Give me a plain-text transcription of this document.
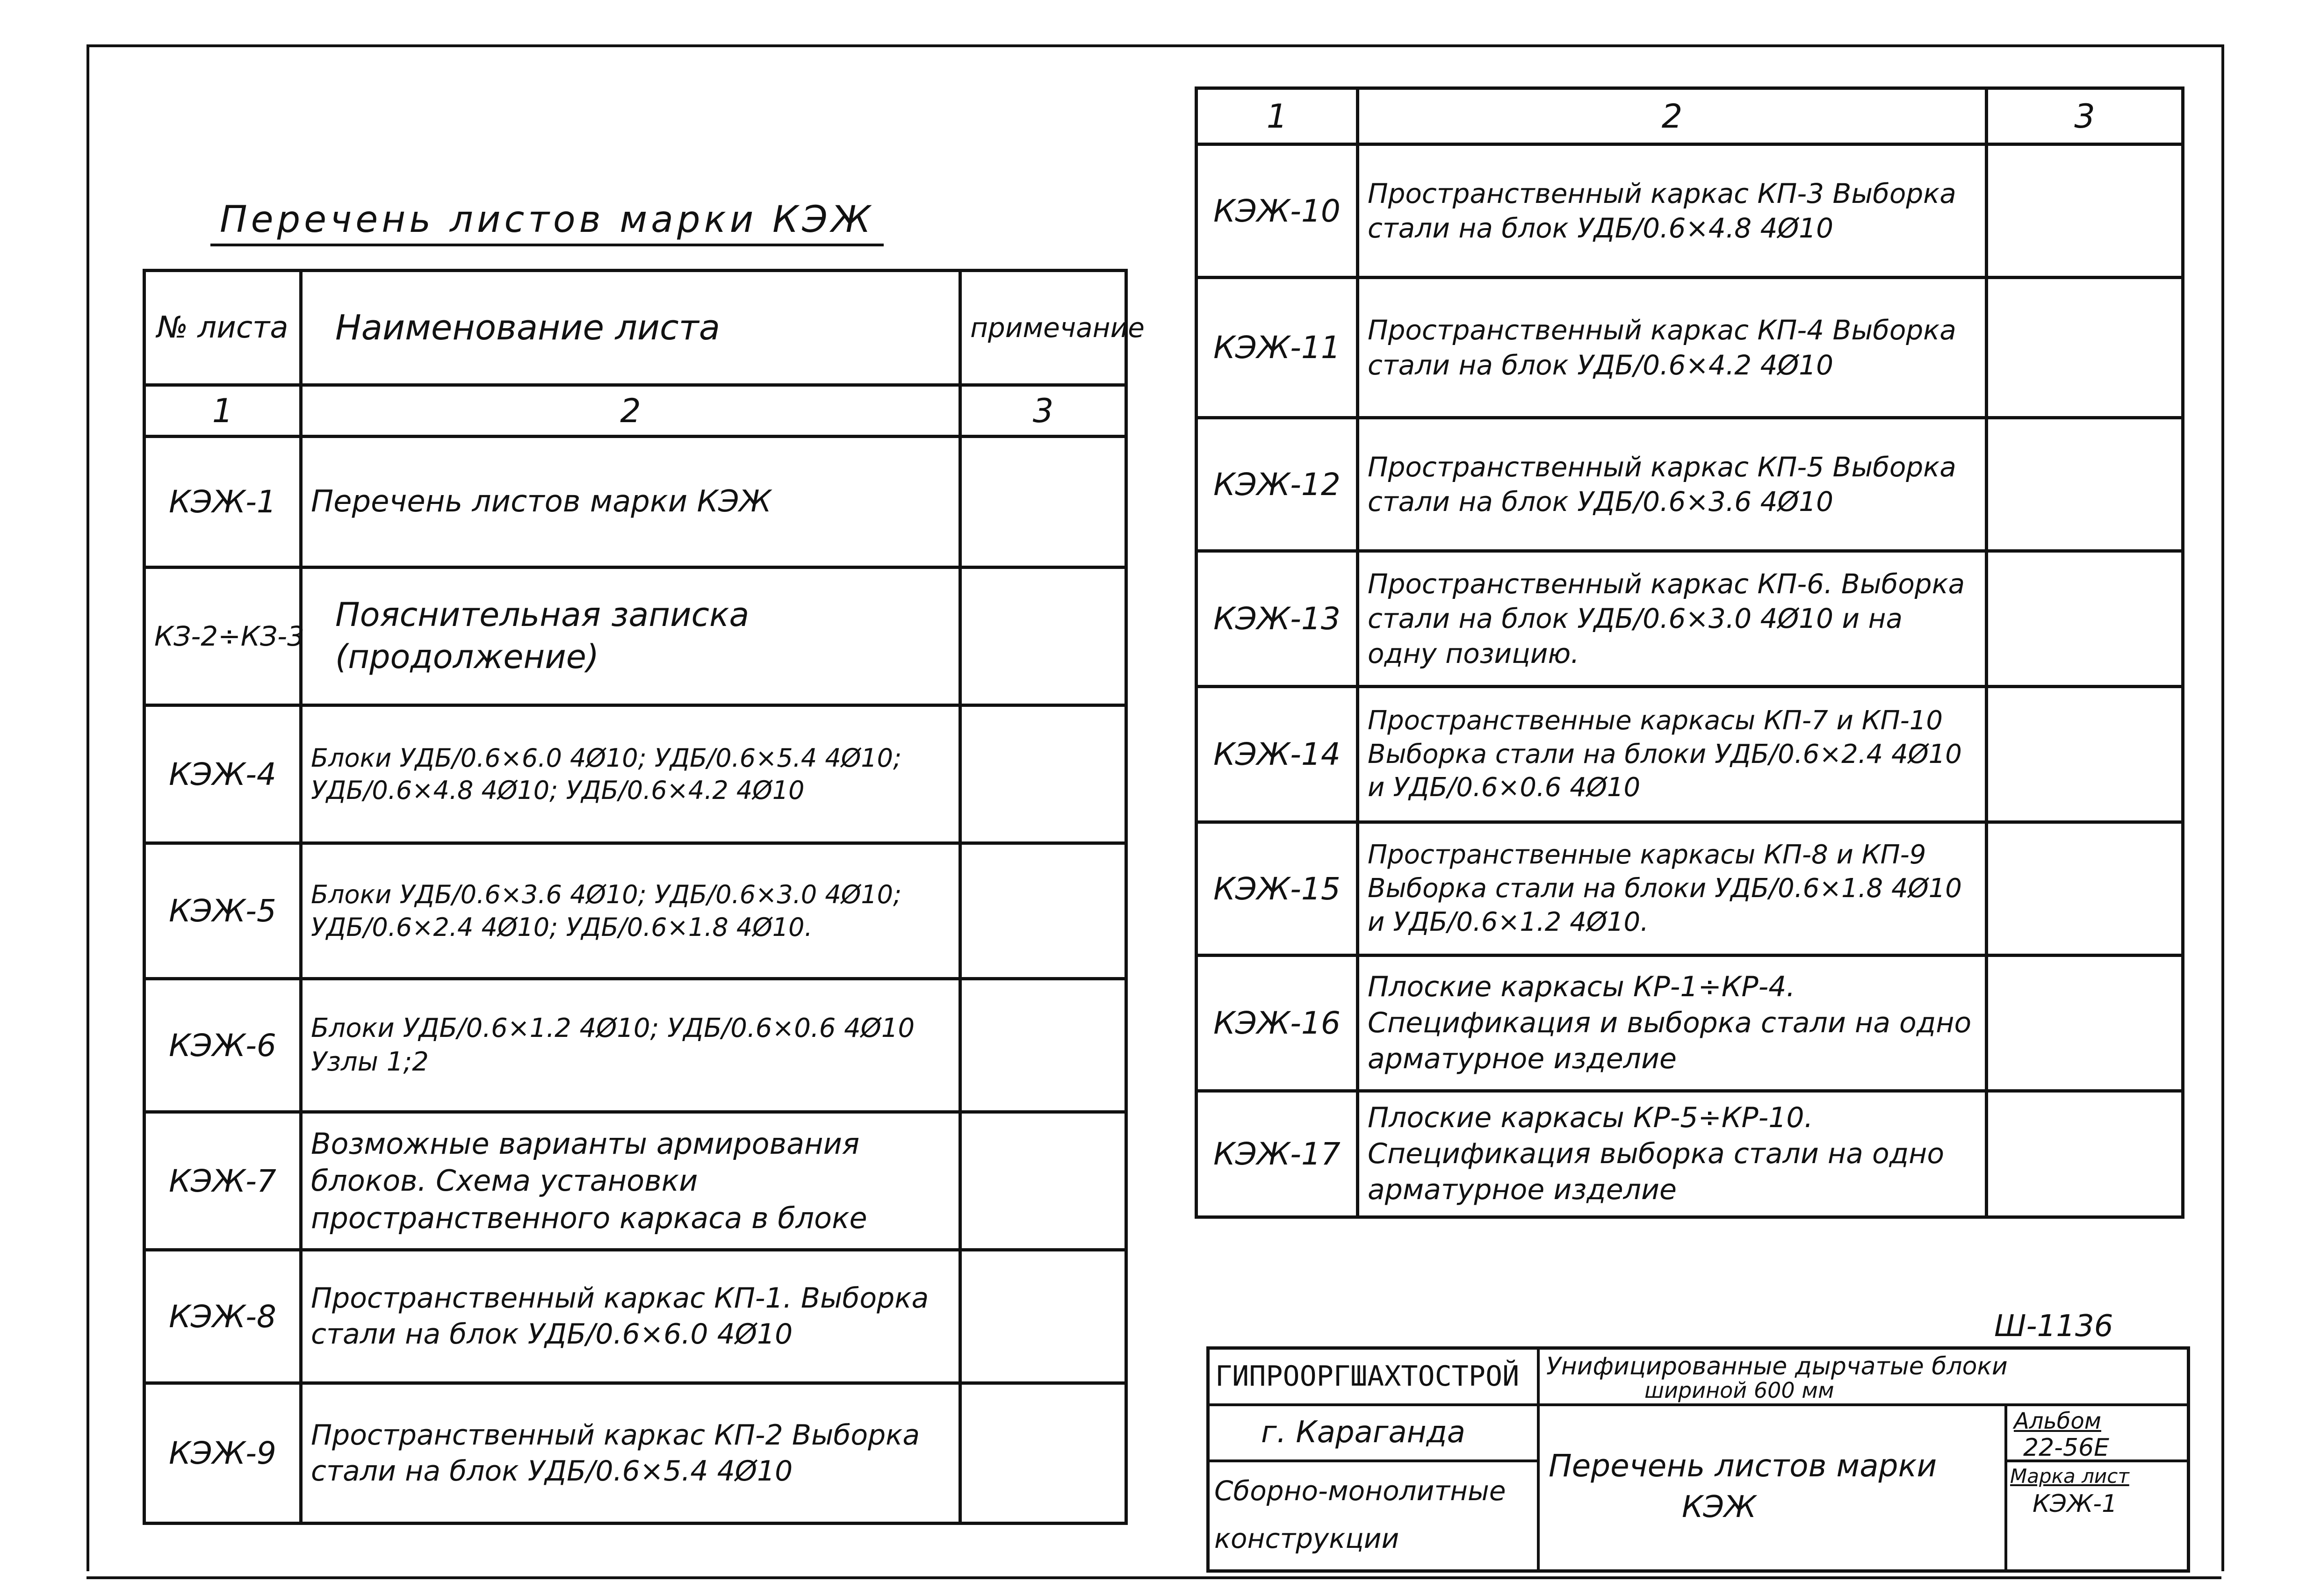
Перечень листов марки КЭЖ
№ листа	Наименование листа	примечание
1	2	3
КЭЖ-1	Перечень листов марки КЭЖ	
КЗ-2÷КЗ-3	Пояснительная записка (продолжение)	
КЭЖ-4	Блоки УДБ/0.6×6.0 4Ø10; УДБ/0.6×5.4 4Ø10; УДБ/0.6×4.8 4Ø10; УДБ/0.6×4.2 4Ø10	
КЭЖ-5	Блоки УДБ/0.6×3.6 4Ø10; УДБ/0.6×3.0 4Ø10; УДБ/0.6×2.4 4Ø10; УДБ/0.6×1.8 4Ø10.	
КЭЖ-6	Блоки УДБ/0.6×1.2 4Ø10; УДБ/0.6×0.6 4Ø10 Узлы 1;2	
КЭЖ-7	Возможные варианты армирования блоков. Схема установки пространственного каркаса в блоке	
КЭЖ-8	Пространственный каркас КП-1. Выборка стали на блок УДБ/0.6×6.0 4Ø10	
КЭЖ-9	Пространственный каркас КП-2 Выборка стали на блок УДБ/0.6×5.4 4Ø10	
1	2	3
КЭЖ-10	Пространственный каркас КП-3 Выборка стали на блок УДБ/0.6×4.8 4Ø10	
КЭЖ-11	Пространственный каркас КП-4 Выборка стали на блок УДБ/0.6×4.2 4Ø10	
КЭЖ-12	Пространственный каркас КП-5 Выборка стали на блок УДБ/0.6×3.6 4Ø10	
КЭЖ-13	Пространственный каркас КП-6. Выборка стали на блок УДБ/0.6×3.0 4Ø10 и на одну позицию.	
КЭЖ-14	Пространственные каркасы КП-7 и КП-10 Выборка стали на блоки УДБ/0.6×2.4 4Ø10 и УДБ/0.6×0.6 4Ø10	
КЭЖ-15	Пространственные каркасы КП-8 и КП-9 Выборка стали на блоки УДБ/0.6×1.8 4Ø10 и УДБ/0.6×1.2 4Ø10.	
КЭЖ-16	Плоские каркасы КР-1÷КР-4. Спецификация и выборка стали на одно арматурное изделие	
КЭЖ-17	Плоские каркасы КР-5÷КР-10. Спецификация выборка стали на одно арматурное изделие	
Ш-1136
ГИПРООРГШАХТОСТРОЙ
г. Караганда
Сборно-монолитные
конструкции
Унифицированные дырчатые блоки
шириной 600 мм
Перечень листов марки
КЭЖ
Альбом
22-56Е
Марка лист
КЭЖ-1
